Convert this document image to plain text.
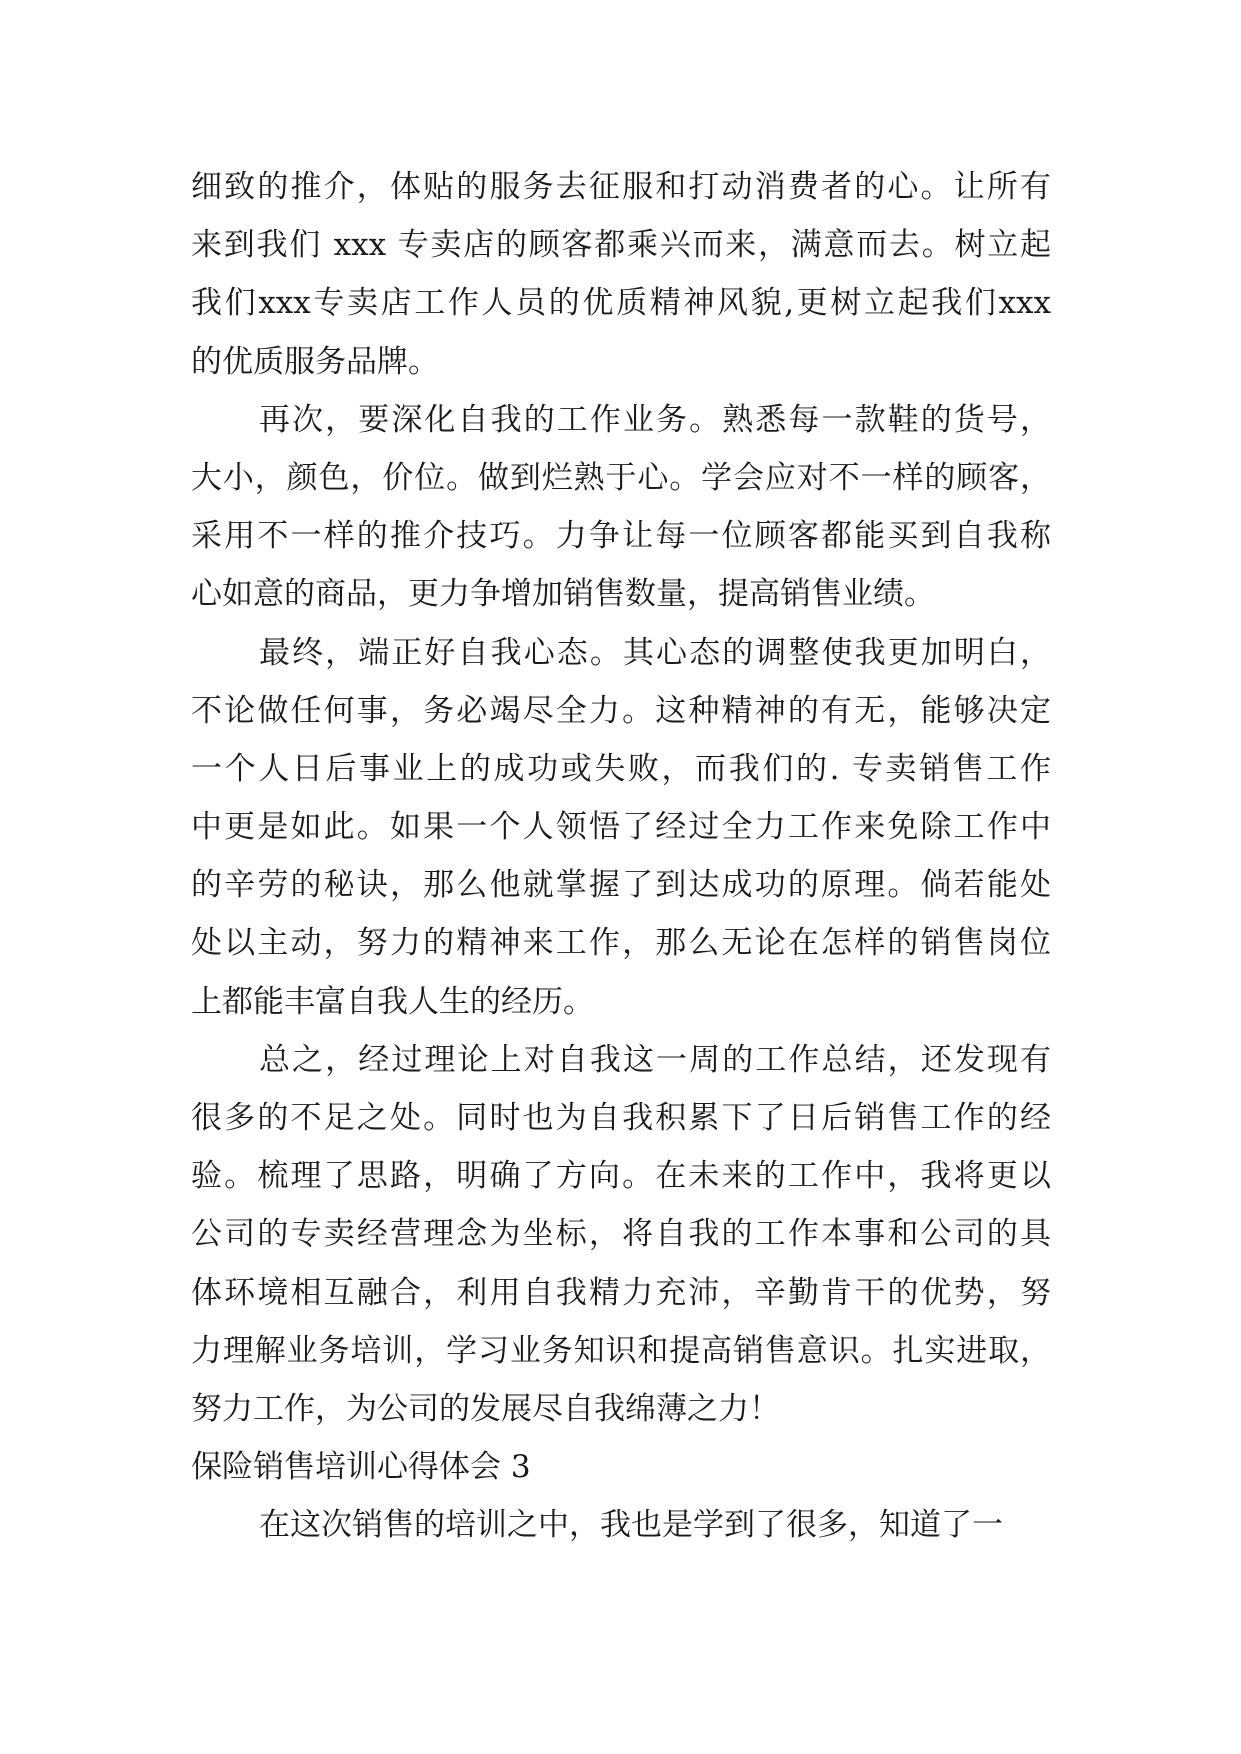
细致的推介，体贴的服务去征服和打动消费者的心。让所有
来到我们 xxx 专卖店的顾客都乘兴而来，满意而去。树立起
我们xxx专卖店工作人员的优质精神风貌,更树立起我们xxx
的优质服务品牌。
再次，要深化自我的工作业务。熟悉每一款鞋的货号，
大小，颜色，价位。做到烂熟于心。学会应对不一样的顾客，
采用不一样的推介技巧。力争让每一位顾客都能买到自我称
心如意的商品，更力争增加销售数量，提高销售业绩。
最终，端正好自我心态。其心态的调整使我更加明白，
不论做任何事，务必竭尽全力。这种精神的有无，能够决定
一个人日后事业上的成功或失败，而我们的. 专卖销售工作
中更是如此。如果一个人领悟了经过全力工作来免除工作中
的辛劳的秘诀，那么他就掌握了到达成功的原理。倘若能处
处以主动，努力的精神来工作，那么无论在怎样的销售岗位
上都能丰富自我人生的经历。
总之，经过理论上对自我这一周的工作总结，还发现有
很多的不足之处。同时也为自我积累下了日后销售工作的经
验。梳理了思路，明确了方向。在未来的工作中，我将更以
公司的专卖经营理念为坐标，将自我的工作本事和公司的具
体环境相互融合，利用自我精力充沛，辛勤肯干的优势，努
力理解业务培训，学习业务知识和提高销售意识。扎实进取，
努力工作，为公司的发展尽自我绵薄之力！
保险销售培训心得体会 3
在这次销售的培训之中，我也是学到了很多，知道了一
